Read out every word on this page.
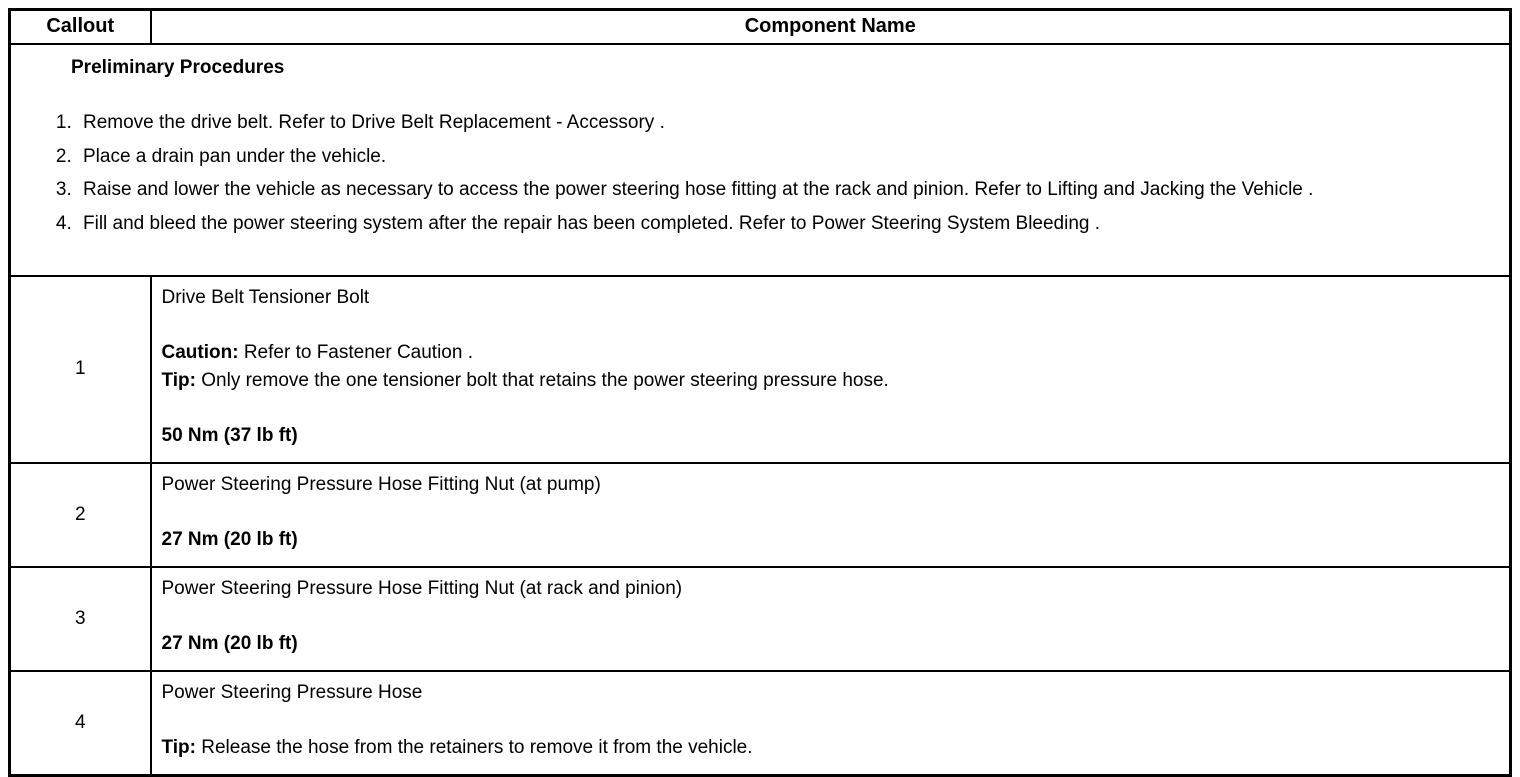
Callout	Component Name

Preliminary Procedures

1. Remove the drive belt. Refer to Drive Belt Replacement - Accessory .
2. Place a drain pan under the vehicle.
3. Raise and lower the vehicle as necessary to access the power steering hose fitting at the rack and pinion. Refer to Lifting and Jacking the Vehicle .
4. Fill and bleed the power steering system after the repair has been completed. Refer to Power Steering System Bleeding .

1	Drive Belt Tensioner Bolt

Caution: Refer to Fastener Caution .

Tip: Only remove the one tensioner bolt that retains the power steering pressure hose.

50 Nm (37 lb ft)

2	Power Steering Pressure Hose Fitting Nut (at pump)

27 Nm (20 lb ft)

3	Power Steering Pressure Hose Fitting Nut (at rack and pinion)

27 Nm (20 lb ft)

4	Power Steering Pressure Hose

Tip: Release the hose from the retainers to remove it from the vehicle.
